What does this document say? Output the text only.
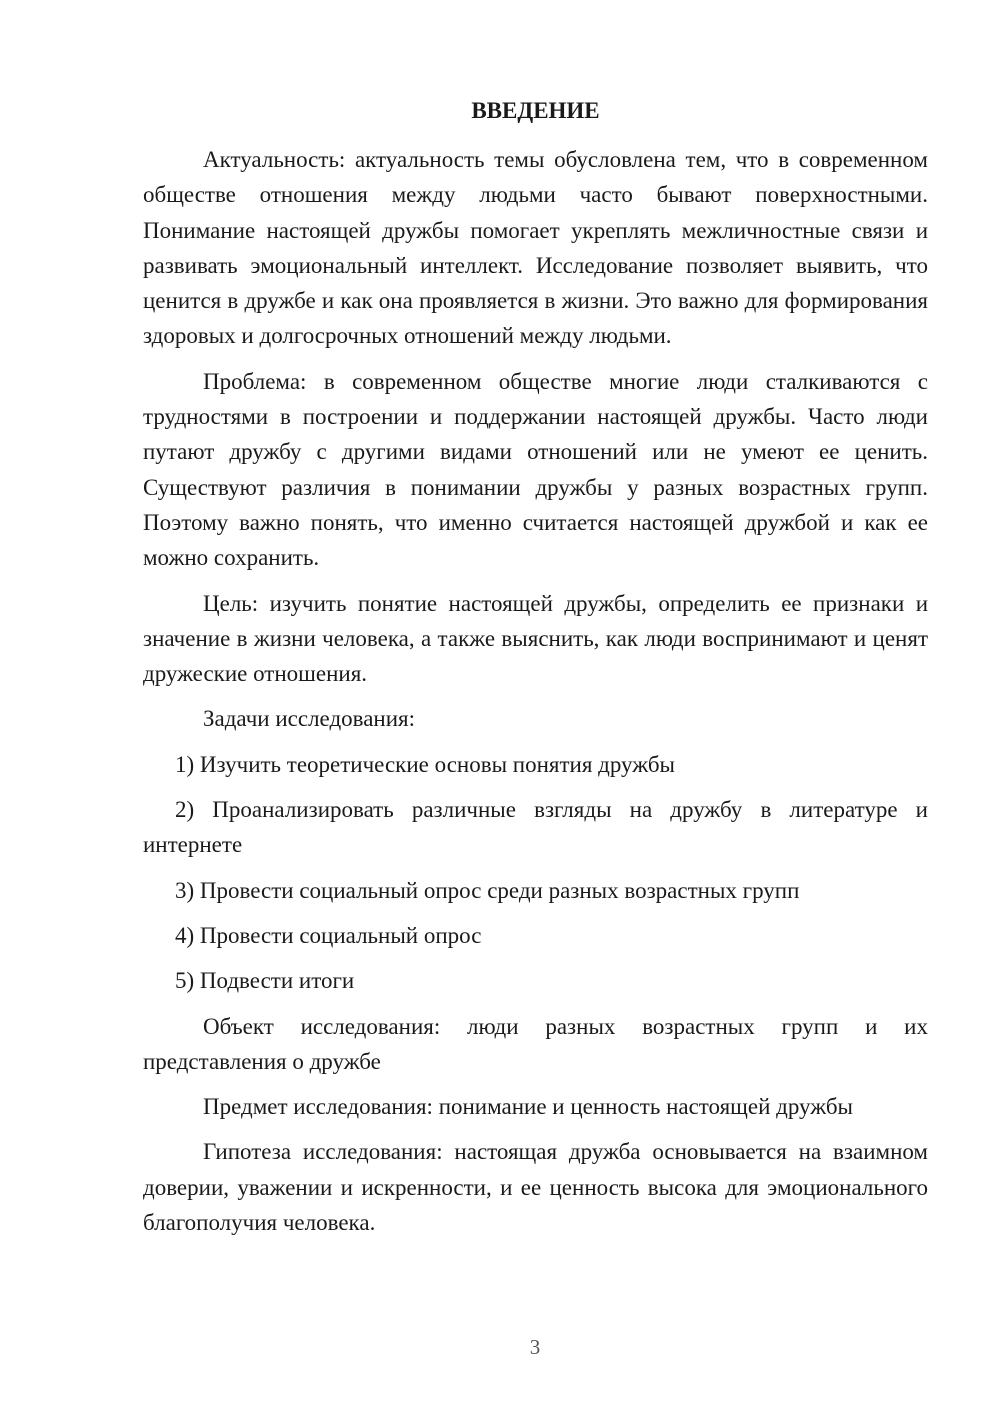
ВВЕДЕНИЕ

Актуальность: актуальность темы обусловлена тем, что в современном обществе отношения между людьми часто бывают поверхностными. Понимание настоящей дружбы помогает укреплять межличностные связи и развивать эмоциональный интеллект. Исследование позволяет выявить, что ценится в дружбе и как она проявляется в жизни. Это важно для формирования здоровых и долгосрочных отношений между людьми.

Проблема: в современном обществе многие люди сталкиваются с трудностями в построении и поддержании настоящей дружбы. Часто люди путают дружбу с другими видами отношений или не умеют ее ценить. Существуют различия в понимании дружбы у разных возрастных групп. Поэтому важно понять, что именно считается настоящей дружбой и как ее можно сохранить.

Цель: изучить понятие настоящей дружбы, определить ее признаки и значение в жизни человека, а также выяснить, как люди воспринимают и ценят дружеские отношения.

Задачи исследования:

1) Изучить теоретические основы понятия дружбы

2) Проанализировать различные взгляды на дружбу в литературе и интернете

3) Провести социальный опрос среди разных возрастных групп

4) Провести социальный опрос

5) Подвести итоги

Объект исследования: люди разных возрастных групп и их представления о дружбе

Предмет исследования: понимание и ценность настоящей дружбы

Гипотеза исследования: настоящая дружба основывается на взаимном доверии, уважении и искренности, и ее ценность высока для эмоционального благополучия человека.

3
